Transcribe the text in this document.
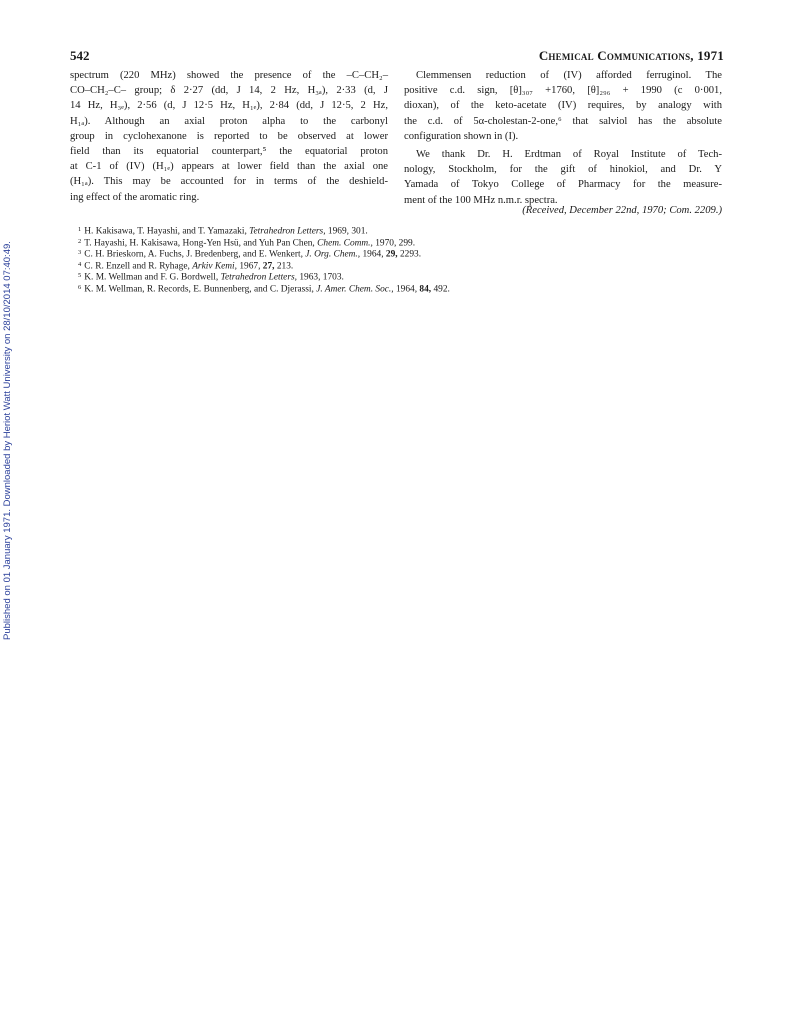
Published on 01 January 1971. Downloaded by Heriot Watt University on 28/10/2014 07:40:49.
542	Chemical Communications, 1971
spectrum (220 MHz) showed the presence of the –C–CH₂–
CO–CH₂–C– group; δ 2·27 (dd, J 14, 2 Hz, H₃ₐ), 2·33 (d, J
14 Hz, H₃ₑ), 2·56 (d, J 12·5 Hz, H₁ₑ), 2·84 (dd, J 12·5, 2 Hz,
H₁ₐ). Although an axial proton alpha to the carbonyl
group in cyclohexanone is reported to be observed at lower
field than its equatorial counterpart,⁵ the equatorial proton
at C-1 of (IV) (H₁ₑ) appears at lower field than the axial one
(H₁ₐ). This may be accounted for in terms of the deshield-
ing effect of the aromatic ring.
Clemmensen reduction of (IV) afforded ferruginol. The
positive c.d. sign, [θ]₃₀₇ +1760, [θ]₂₉₆ + 1990 (c 0·001,
dioxan), of the keto-acetate (IV) requires, by analogy with
the c.d. of 5α-cholestan-2-one,⁶ that salviol has the absolute
configuration shown in (I).
We thank Dr. H. Erdtman of Royal Institute of Tech-
nology, Stockholm, for the gift of hinokiol, and Dr. Y
Yamada of Tokyo College of Pharmacy for the measure-
ment of the 100 MHz n.m.r. spectra.
(Received, December 22nd, 1970; Com. 2209.)
$^1$ H. Kakisawa, T. Hayashi, and T. Yamazaki, Tetrahedron Letters, 1969, 301.
$^2$ T. Hayashi, H. Kakisawa, Hong-Yen Hsü, and Yuh Pan Chen, Chem. Comm., 1970, 299.
$^3$ C. H. Brieskorn, A. Fuchs, J. Bredenberg, and E. Wenkert, J. Org. Chem., 1964, 29, 2293.
$^4$ C. R. Enzell and R. Ryhage, Arkiv Kemi, 1967, 27, 213.
$^5$ K. M. Wellman and F. G. Bordwell, Tetrahedron Letters, 1963, 1703.
$^6$ K. M. Wellman, R. Records, E. Bunnenberg, and C. Djerassi, J. Amer. Chem. Soc., 1964, 84, 492.
